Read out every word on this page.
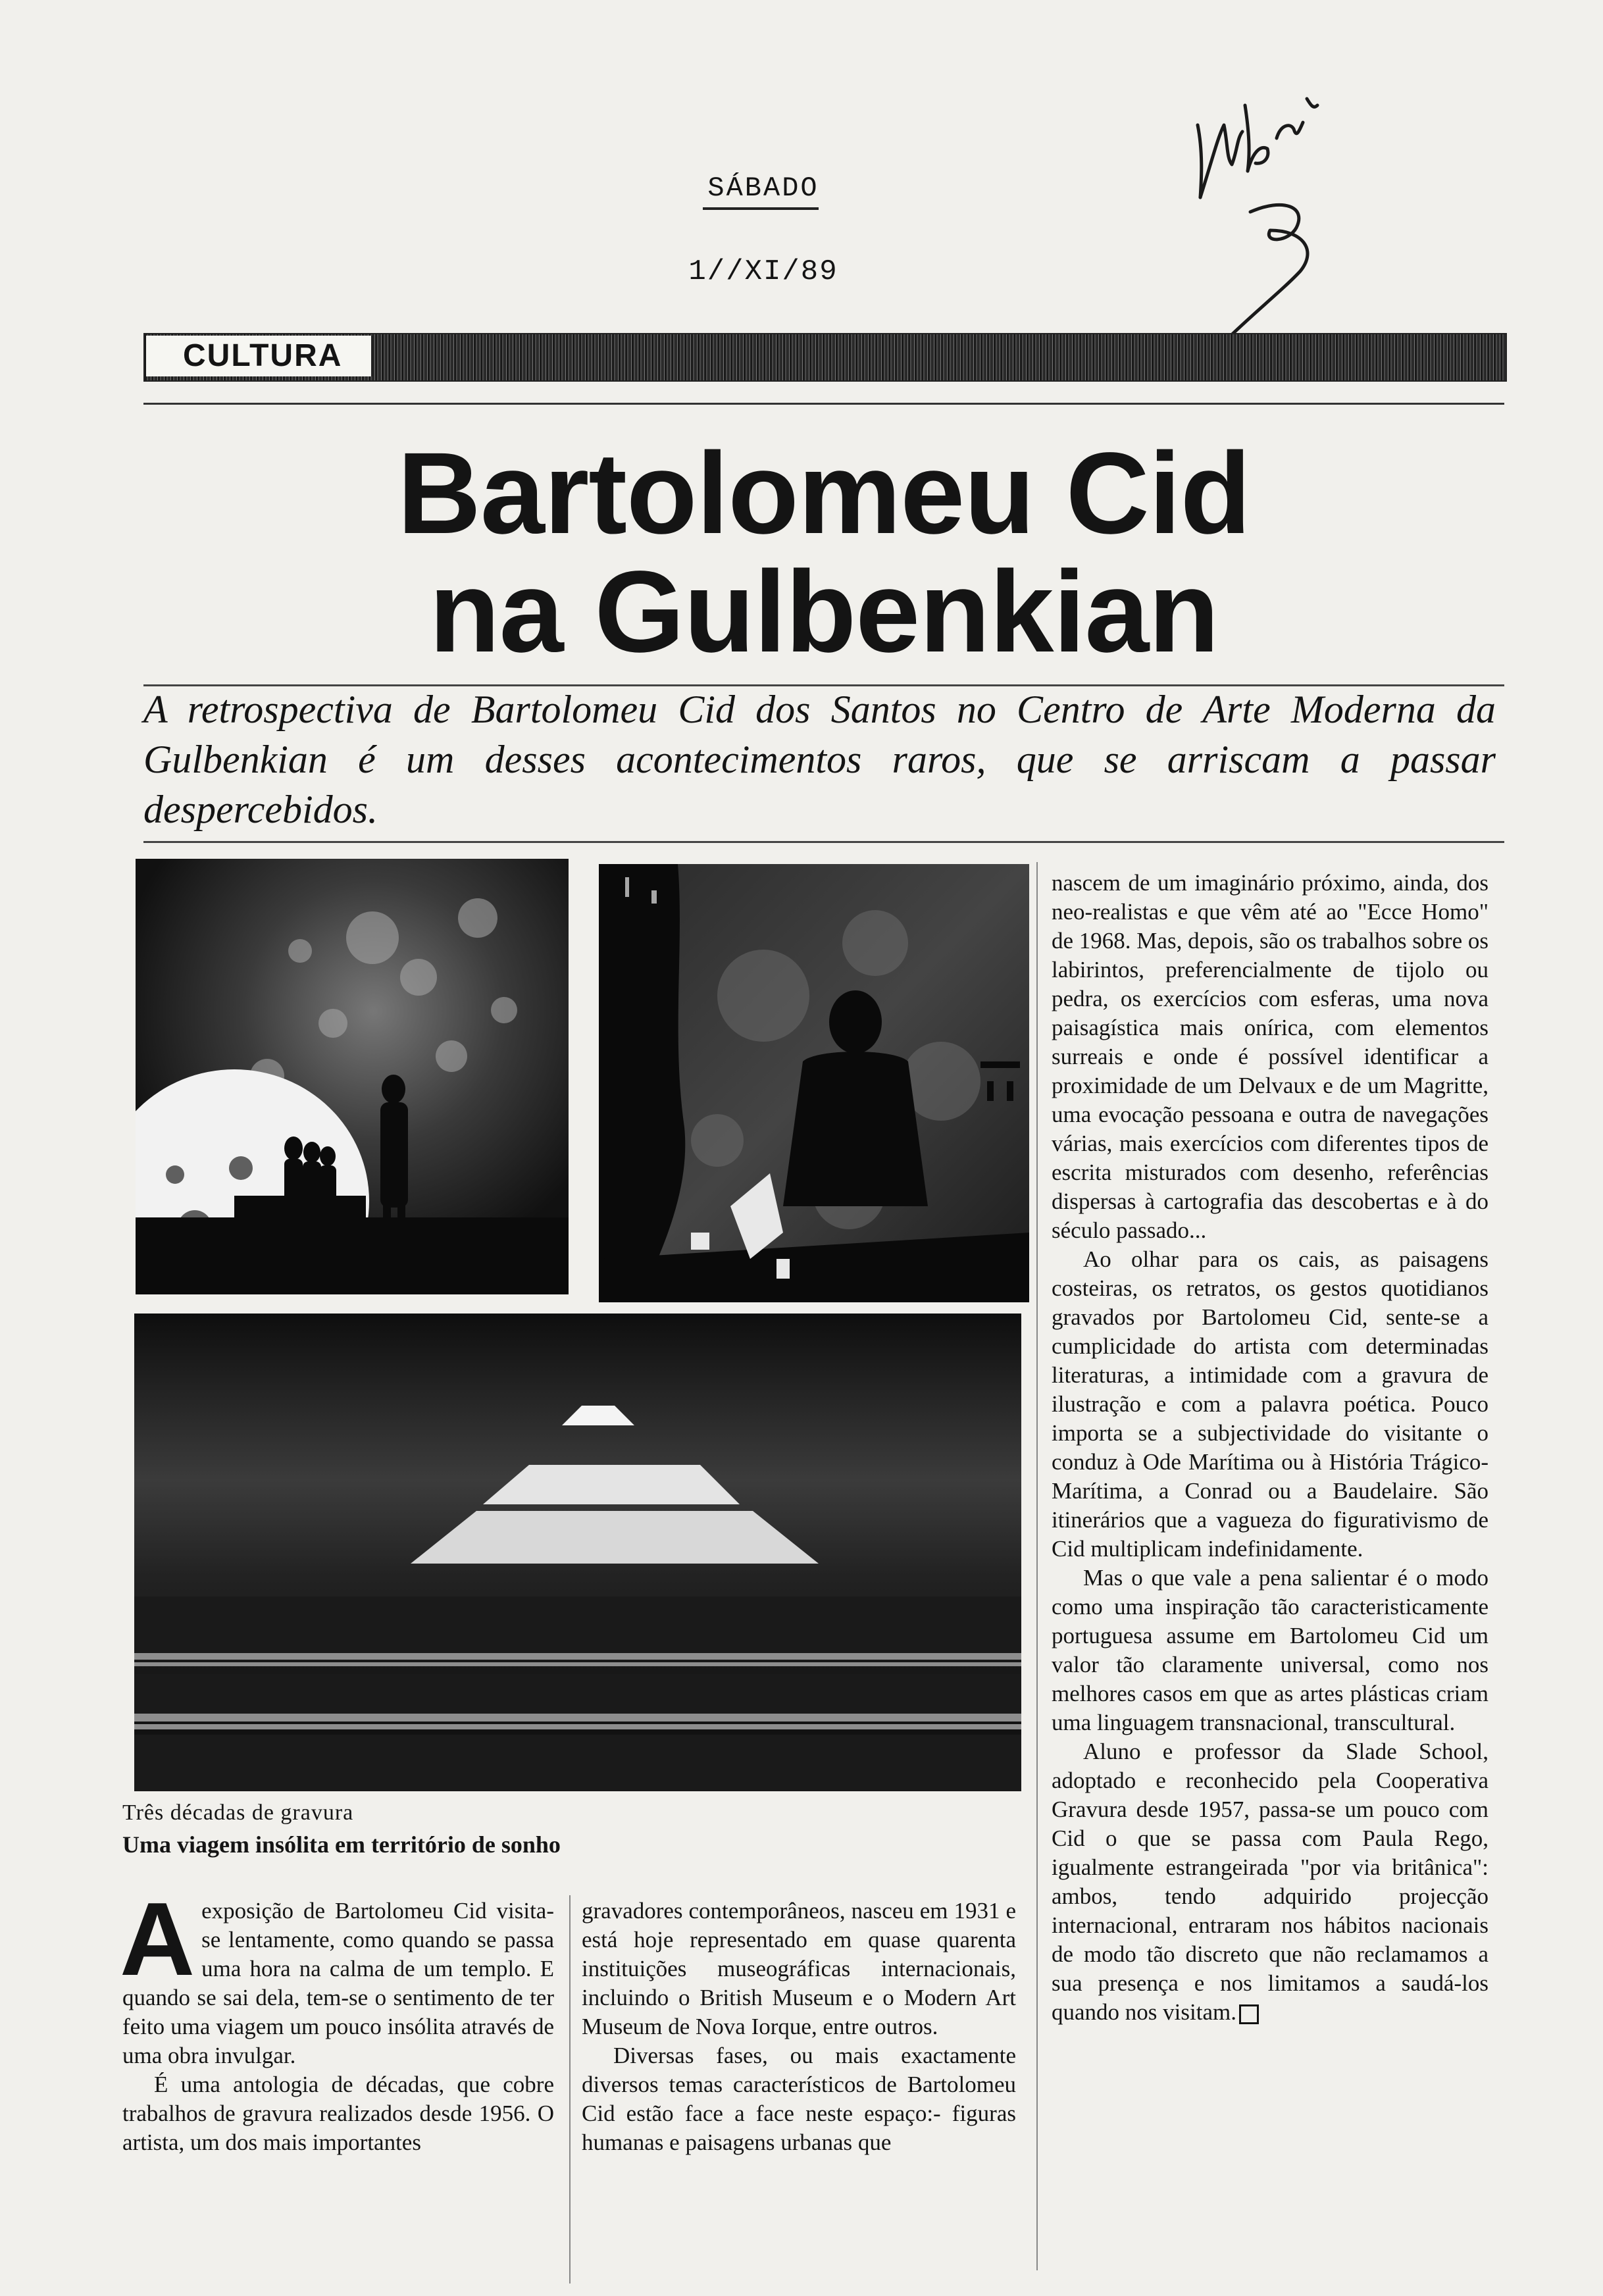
SÁBADO
1//XI/89
CULTURA
Bartolomeu Cid
na Gulbenkian
A retrospectiva de Bartolomeu Cid dos Santos no Centro de Arte Moderna da Gulbenkian é um desses acontecimentos raros, que se arriscam a passar despercebidos.
Três décadas de gravura
Uma viagem insólita em território de sonho

Aexposição de Bartolomeu Cid visita-se lentamente, como quando se passa uma hora na calma de um templo. E quando se sai dela, tem-se o sentimento de ter feito uma viagem um pouco insólita através de uma obra invulgar.

É uma antologia de décadas, que cobre trabalhos de gravura realizados desde 1956. O artista, um dos mais importantes

gravadores contemporâneos, nasceu em 1931 e está hoje representado em quase quarenta instituições museográficas internacionais, incluindo o British Museum e o Modern Art Museum de Nova Iorque, entre outros.

Diversas fases, ou mais exactamente diversos temas característicos de Bartolomeu Cid estão face a face neste espaço:- figuras humanas e paisagens urbanas que

nascem de um imaginário próximo, ainda, dos neo-realistas e que vêm até ao "Ecce Homo" de 1968. Mas, depois, são os trabalhos sobre os labirintos, preferencialmente de tijolo ou pedra, os exercícios com esferas, uma nova paisagística mais onírica, com elementos surreais e onde é possível identificar a proximidade de um Delvaux e de um Magritte, uma evocação pessoana e outra de navegações várias, mais exercícios com diferentes tipos de escrita misturados com desenho, referências dispersas à cartografia das descobertas e à do século passado...

Ao olhar para os cais, as paisagens costeiras, os retratos, os gestos quotidianos gravados por Bartolomeu Cid, sente-se a cumplicidade do artista com determinadas literaturas, a intimidade com a gravura de ilustração e com a palavra poética. Pouco importa se a subjectividade do visitante o conduz à Ode Marítima ou à História Trágico-Marítima, a Conrad ou a Baudelaire. São itinerários que a vagueza do figurativismo de Cid multiplicam indefinidamente.

Mas o que vale a pena salientar é o modo como uma inspiração tão caracteristicamente portuguesa assume em Bartolomeu Cid um valor tão claramente universal, como nos melhores casos em que as artes plásticas criam uma linguagem transnacional, transcultural.

Aluno e professor da Slade School, adoptado e reconhecido pela Cooperativa Gravura desde 1957, passa-se um pouco com Cid o que se passa com Paula Rego, igualmente estrangeirada "por via britânica": ambos, tendo adquirido projecção internacional, entraram nos hábitos nacionais de modo tão discreto que não reclamamos a sua presença e nos limitamos a saudá-los quando nos visitam.
